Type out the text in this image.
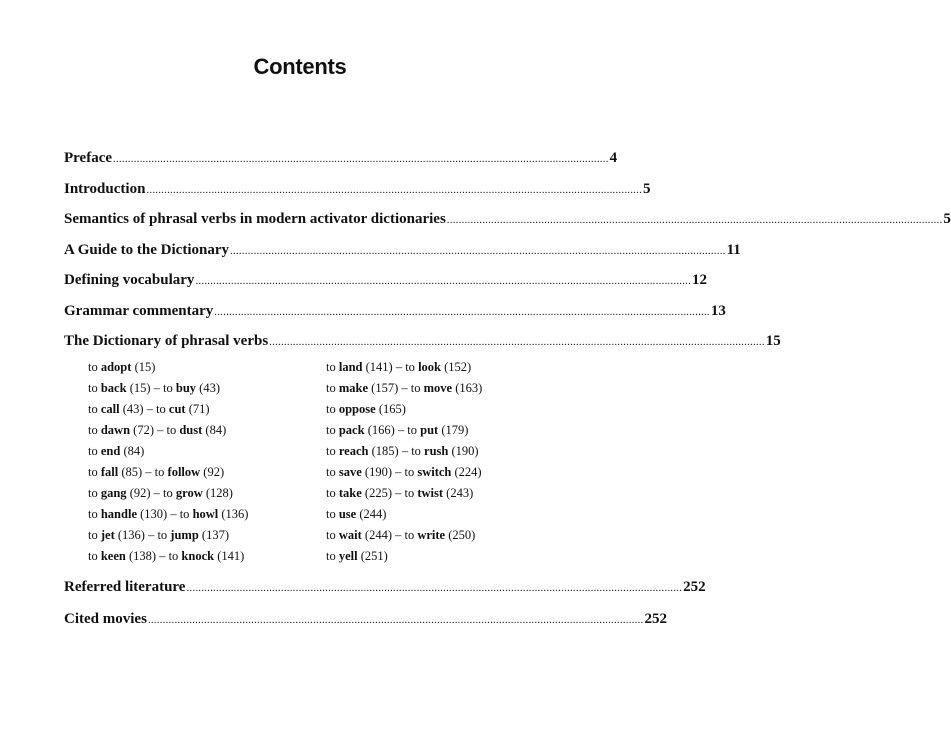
Contents
Preface ........................................................................................................................................................................ 4
Introduction ........................................................................................................................................................................ 5
Semantics of phrasal verbs in modern activator dictionaries ........................................................................................................................................................................ 5
A Guide to the Dictionary ........................................................................................................................................................................ 11
Defining vocabulary ........................................................................................................................................................................ 12
Grammar commentary ........................................................................................................................................................................ 13
The Dictionary of phrasal verbs ........................................................................................................................................................................ 15
to adopt (15)
to back (15) – to buy (43)
to call (43) – to cut (71)
to dawn (72) – to dust (84)
to end (84)
to fall (85) – to follow (92)
to gang (92) – to grow (128)
to handle (130) – to howl (136)
to jet (136) – to jump (137)
to keen (138) – to knock (141)
to land (141) – to look (152)
to make (157) – to move (163)
to oppose (165)
to pack (166) – to put (179)
to reach (185) – to rush (190)
to save (190) – to switch (224)
to take (225) – to twist (243)
to use (244)
to wait (244) – to write (250)
to yell (251)
Referred literature ........................................................................................................................................................................ 252
Cited movies ........................................................................................................................................................................ 252
